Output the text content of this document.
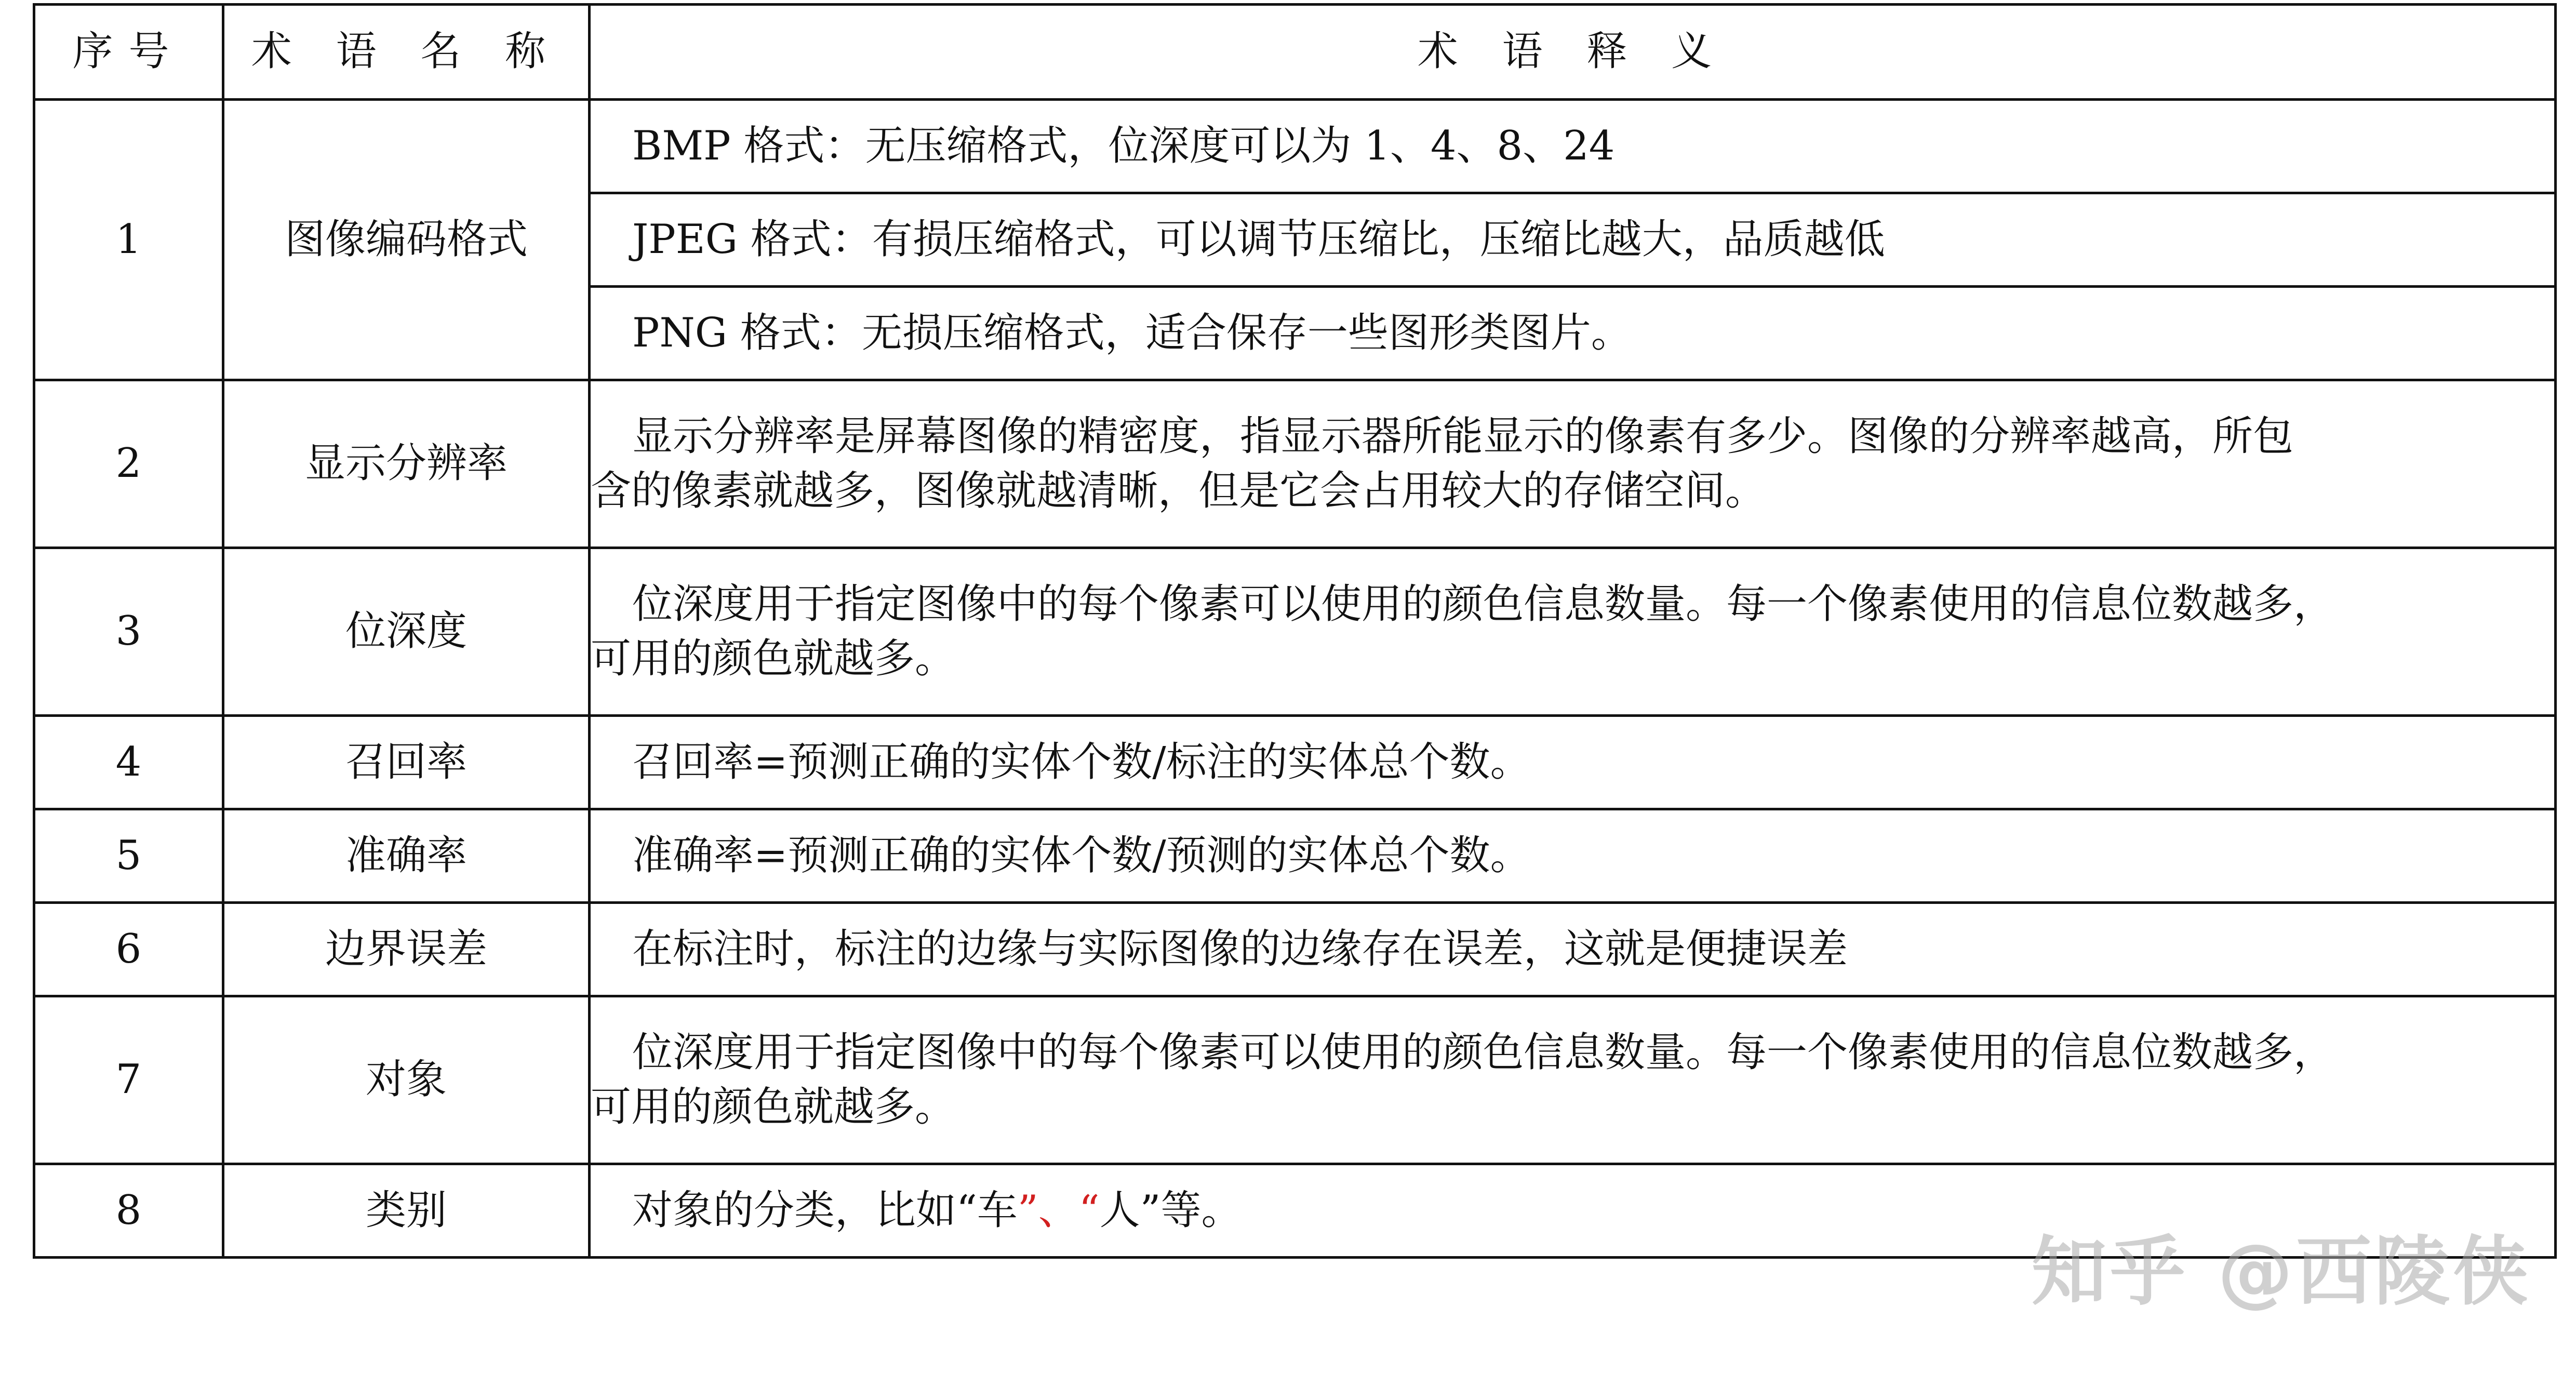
序号	术 语 名 称	术 语 释 义
1	图像编码格式	BMP 格式：无压缩格式，位深度可以为 1、4、8、24
		JPEG 格式：有损压缩格式，可以调节压缩比，压缩比越大，品质越低
		PNG 格式：无损压缩格式，适合保存一些图形类图片。
2	显示分辨率	显示分辨率是屏幕图像的精密度，指显示器所能显示的像素有多少。图像的分辨率越高，所包
含的像素就越多，图像就越清晰，但是它会占用较大的存储空间。
3	位深度	位深度用于指定图像中的每个像素可以使用的颜色信息数量。每一个像素使用的信息位数越多，
可用的颜色就越多。
4	召回率	召回率=预测正确的实体个数/标注的实体总个数。
5	准确率	准确率=预测正确的实体个数/预测的实体总个数。
6	边界误差	在标注时，标注的边缘与实际图像的边缘存在误差，这就是便捷误差
7	对象	位深度用于指定图像中的每个像素可以使用的颜色信息数量。每一个像素使用的信息位数越多，
可用的颜色就越多。
8	类别	对象的分类，比如“车”、“人”等。
知乎 @西陵侠
